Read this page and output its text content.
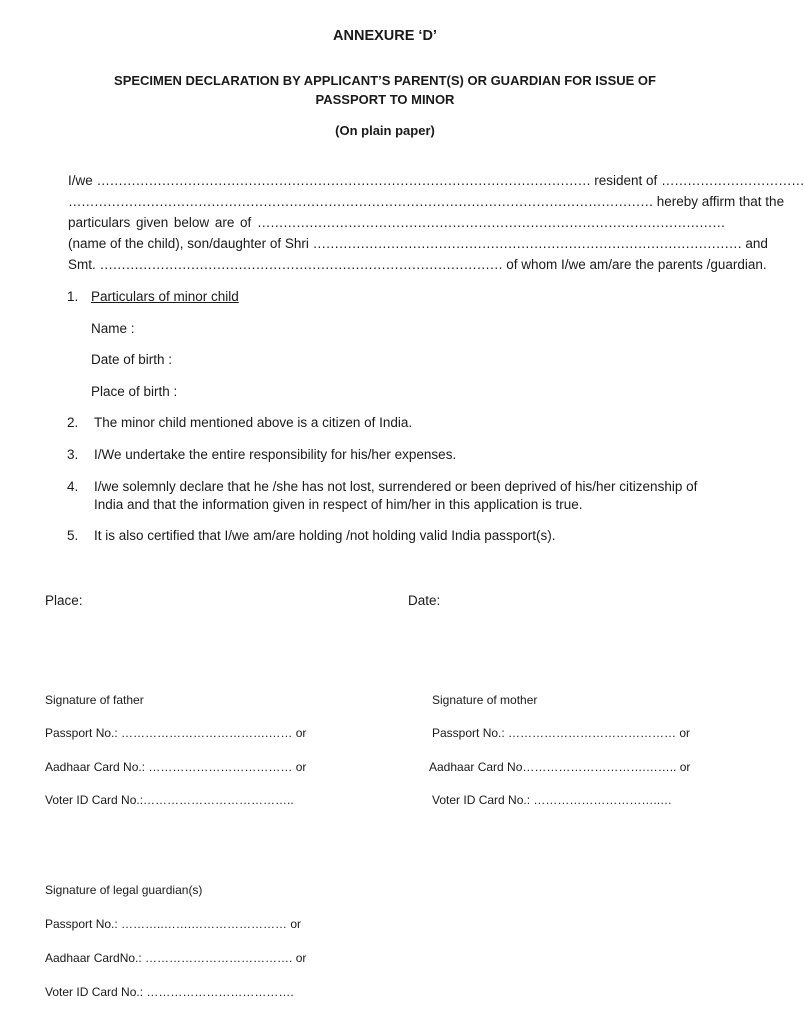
ANNEXURE ‘D’
SPECIMEN DECLARATION BY APPLICANT’S PARENT(S) OR GUARDIAN FOR ISSUE OF
PASSPORT TO MINOR
(On plain paper)
I/we …………………………………………………………………………………………………… resident of ……………………………
……………………………………………………………………………………………………………………… hereby affirm that the
particulars given below are of ………………………………………………………………………………………………
(name of the child), son/daughter of Shri ……………………………………………………………………………………… and
Smt. ………………………………………………………………………………… of whom I/we am/are the parents /guardian.
1. Particulars of minor child
Name :
Date of birth :
Place of birth :
2. The minor child mentioned above is a citizen of India.
3. I/We undertake the entire responsibility for his/her expenses.
4. I/we solemnly declare that he /she has not lost, surrendered or been deprived of his/her citizenship of
India and that the information given in respect of him/her in this application is true.
5. It is also certified that I/we am/are holding /not holding valid India passport(s).
Place:	Date:
Signature of father
Passport No.: ……………………………….…… or
Aadhaar Card No.: ……………………………… or
Voter ID Card No.:………………………………..
Signature of mother
Passport No.: …………………………………… or
Aadhaar Card No………………………….…….. or
Voter ID Card No.: …………………………..…
Signature of legal guardian(s)
Passport No.: ………..…….…………………… or
Aadhaar CardNo.: ………………………………. or
Voter ID Card No.: ……………………………….
